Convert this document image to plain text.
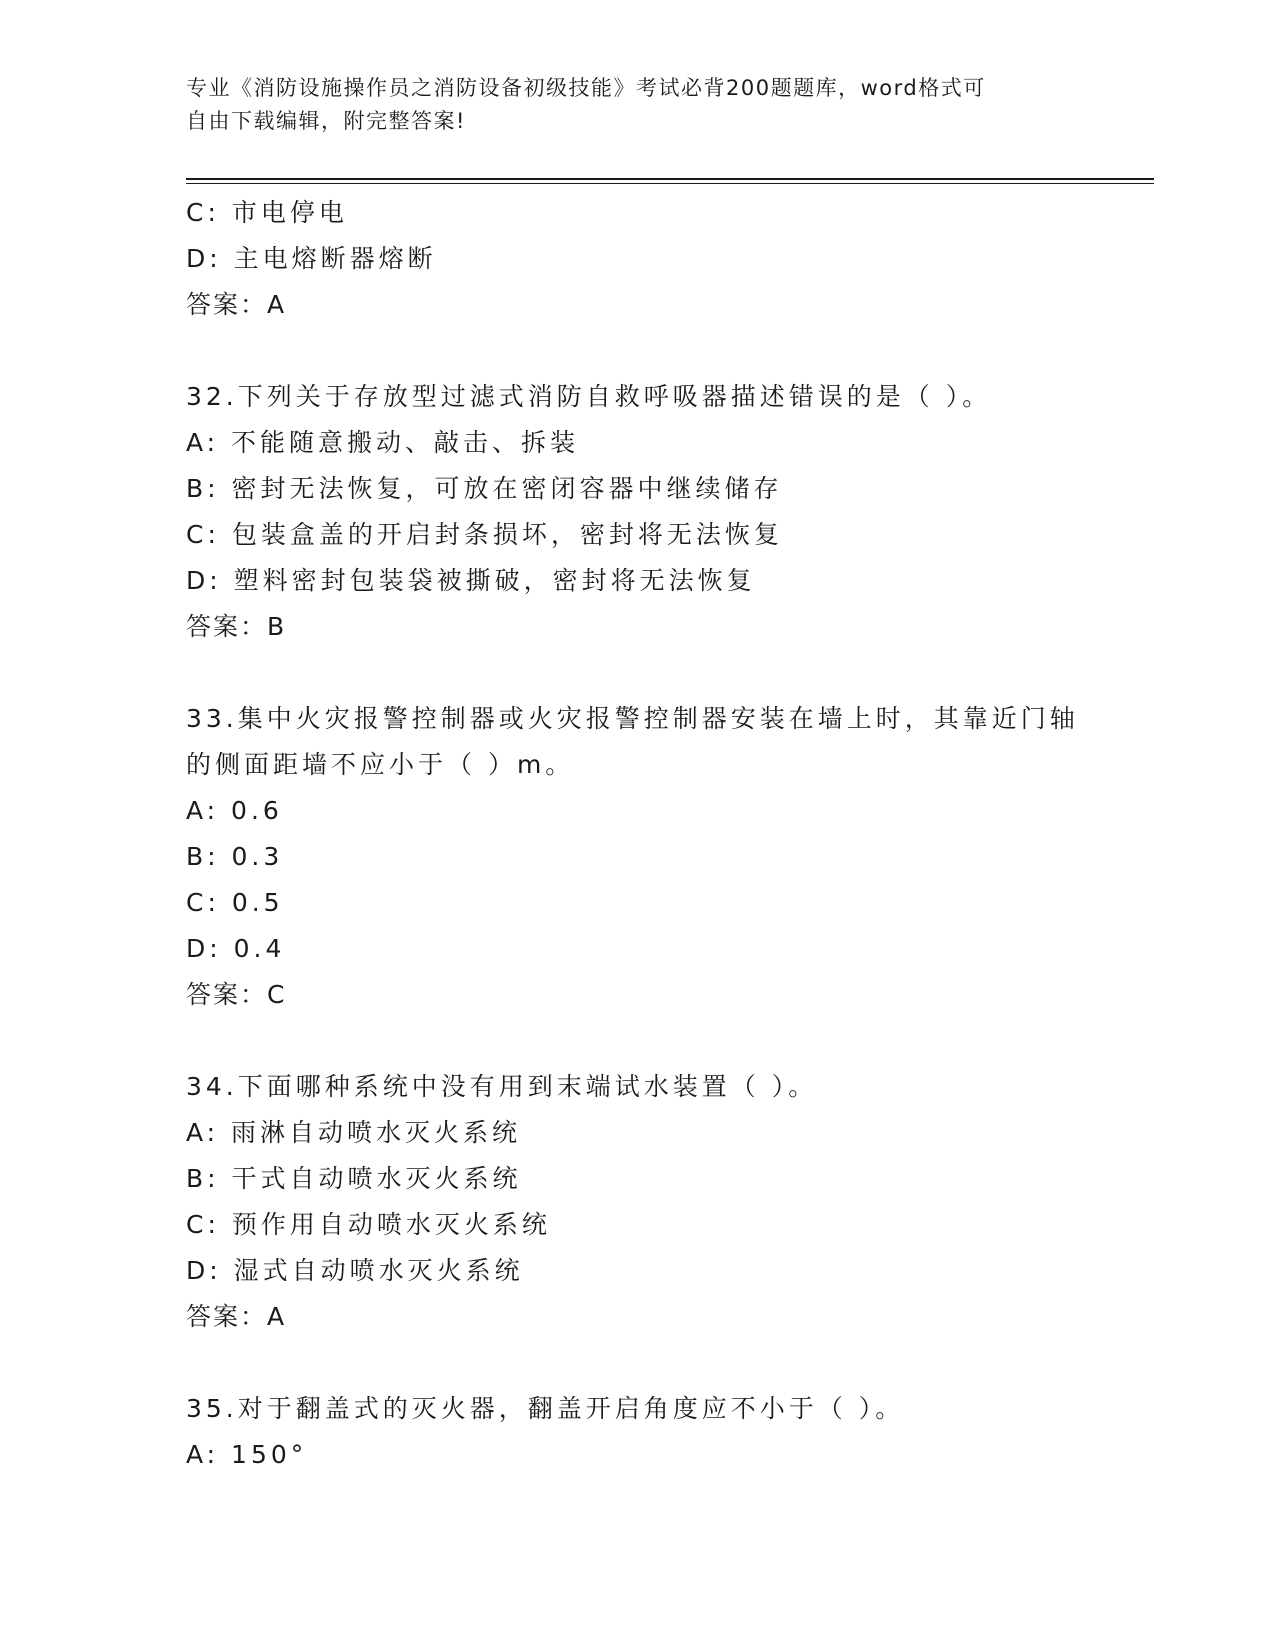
专业《消防设施操作员之消防设备初级技能》考试必背200题题库，word格式可
自由下载编辑，附完整答案!
C: 市电停电
D: 主电熔断器熔断
答案：A
32.下列关于存放型过滤式消防自救呼吸器描述错误的是（ ）。
A: 不能随意搬动、敲击、拆装
B: 密封无法恢复，可放在密闭容器中继续储存
C: 包装盒盖的开启封条损坏，密封将无法恢复
D: 塑料密封包装袋被撕破，密封将无法恢复
答案：B
33.集中火灾报警控制器或火灾报警控制器安装在墙上时，其靠近门轴的侧面距墙不应小于（ ）m。
A: 0.6
B: 0.3
C: 0.5
D: 0.4
答案：C
34.下面哪种系统中没有用到末端试水装置（ ）。
A: 雨淋自动喷水灭火系统
B: 干式自动喷水灭火系统
C: 预作用自动喷水灭火系统
D: 湿式自动喷水灭火系统
答案：A
35.对于翻盖式的灭火器，翻盖开启角度应不小于（ ）。
A: 150°
